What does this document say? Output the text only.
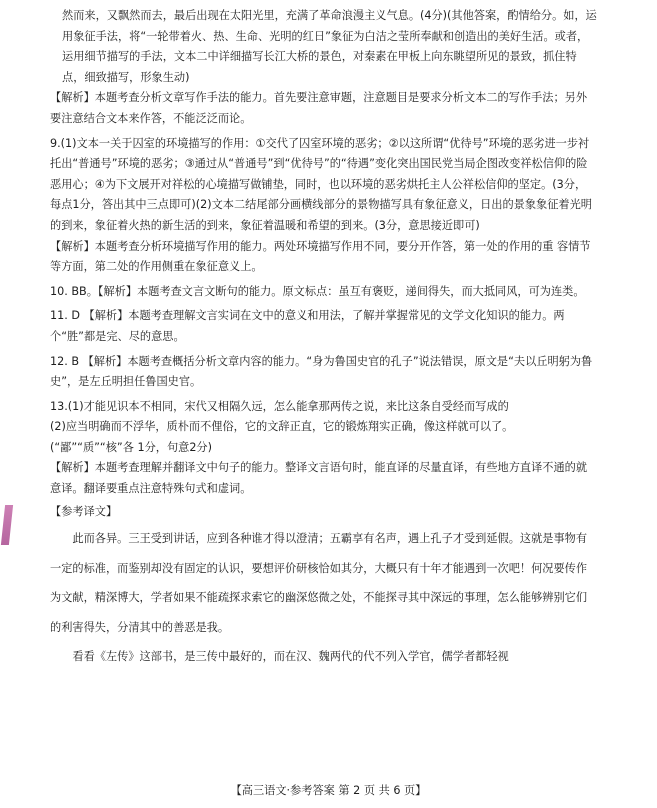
然而来，又飘然而去，最后出现在太阳光里，充满了革命浪漫主义气息。(4分)(其他答案，酌情给分。如，运用象征手法，将“一轮带着火、热、生命、光明的红日”象征为白洁之莹所奉献和创造出的美好生活。或者，运用细节描写的手法，文本二中详细描写长江大桥的景色，对秦素在甲板上向东眺望所见的景致，抓住特点，细致描写，形象生动)

【解析】本题考查分析文章写作手法的能力。首先要注意审题，注意题目是要求分析文本二的写作手法；另外要注意结合文本来作答，不能泛泛而论。

9.(1)文本一关于囚室的环境描写的作用：①交代了囚室环境的恶劣；②以这所谓“优待号”环境的恶劣进一步衬托出“普通号”环境的恶劣；③通过从“普通号”到“优待号”的“待遇”变化突出国民党当局企图改变祥松信仰的险恶用心；④为下文展开对祥松的心境描写做铺垫，同时，也以环境的恶劣烘托主人公祥松信仰的坚定。(3分，每点1分，答出其中三点即可)(2)文本二结尾部分画横线部分的景物描写具有象征意义，日出的景象象征着光明的到来，象征着火热的新生活的到来，象征着温暖和希望的到来。(3分，意思接近即可)

【解析】本题考查分析环境描写作用的能力。两处环境描写作用不同，要分开作答，第一处的作用的重 容情节等方面，第二处的作用侧重在象征意义上。

10. BB。【解析】本题考查文言文断句的能力。原文标点：虽互有褒贬，递间得失，而大抵同风，可为连类。

11. D 【解析】本题考查理解文言实词在文中的意义和用法，了解并掌握常见的文学文化知识的能力。两个“胜”都是完、尽的意思。

12. B 【解析】本题考查概括分析文章内容的能力。“身为鲁国史官的孔子”说法错误，原文是“夫以丘明躬为鲁史”，是左丘明担任鲁国史官。

13.(1)才能见识本不相同，宋代又相隔久远，怎么能拿那两传之说，来比这条自受经而写成的

(2)应当明确而不浮华，质朴而不俚俗，它的文辞正直，它的锻炼翔实正确，像这样就可以了。

(“鄙”“质”“核”各 1分，句意2分)

【解析】本题考查理解并翻译文中句子的能力。整译文言语句时，能直译的尽量直译，有些地方直译不通的就意译。翻译要重点注意特殊句式和虚词。

【参考译文】

此而各异。三王受到讲话，应到各种谁才得以澄清；五霸享有名声，遇上孔子才受到延假。这就是事物有一定的标准，而鉴别却没有固定的认识，要想评价研核恰如其分，大概只有十年才能遇到一次吧！何况要传作为文献，精深博大，学者如果不能疏探求索它的幽深悠微之处，不能探寻其中深远的事理，怎么能够辨别它们的利害得失，分清其中的善恶是我。

看看《左传》这部书，是三传中最好的，而在汉、魏两代的代不列入学官，儒学者都轻视

【高三语文·参考答案 第 2 页 共 6 页】
